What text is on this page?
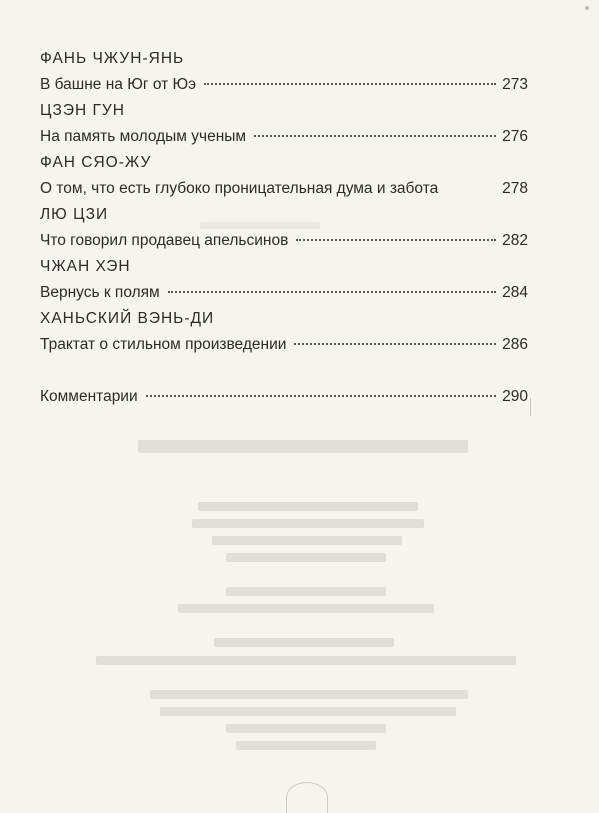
ФАНЬ ЧЖУН-ЯНЬ
В башне на Юг от Юэ	273
ЦЗЭН ГУН
На память молодым ученым	276
ФАН СЯО-ЖУ
О том, что есть глубоко проницательная дума и забота	278
ЛЮ ЦЗИ
Что говорил продавец апельсинов	282
ЧЖАН ХЭН
Вернусь к полям	284
ХАНЬСКИЙ ВЭНЬ-ДИ
Трактат о стильном произведении	286
Комментарии	290
